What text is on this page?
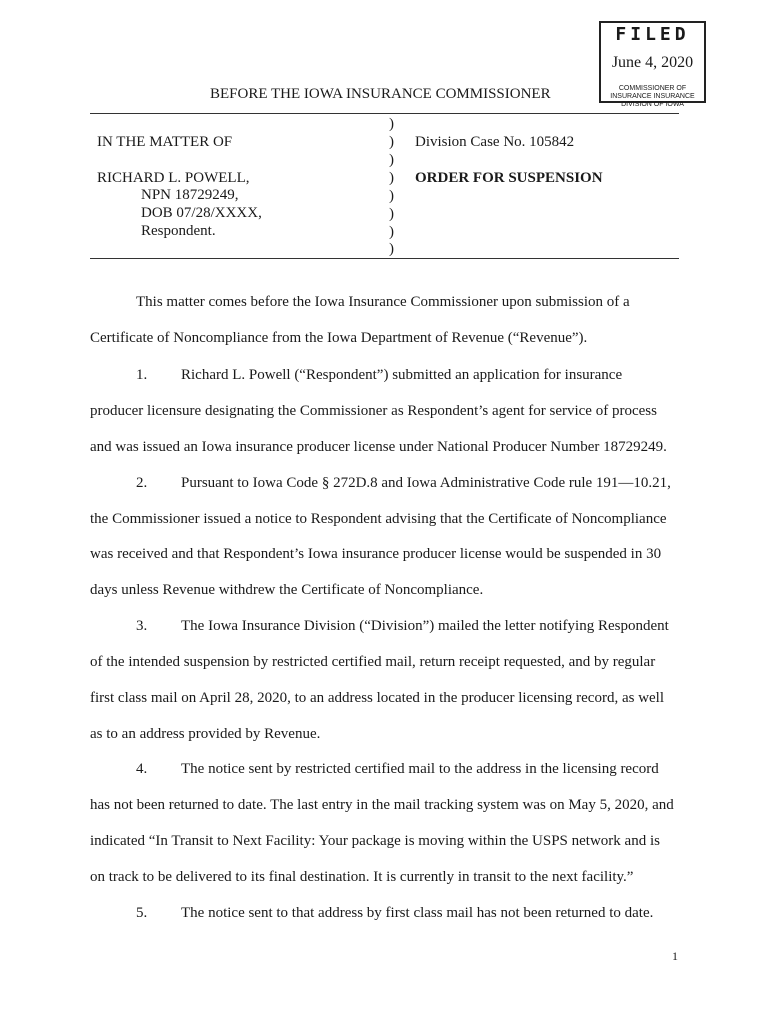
FILED
June 4, 2020
COMMISSIONER OF INSURANCE INSURANCE DIVISION OF IOWA
BEFORE THE IOWA INSURANCE COMMISSIONER
IN THE MATTER OF
RICHARD L. POWELL,
NPN 18729249,
DOB 07/28/XXXX,
Respondent.
)
)
)
)
)
)
)
)
Division Case No. 105842
ORDER FOR SUSPENSION
This matter comes before the Iowa Insurance Commissioner upon submission of a
Certificate of Noncompliance from the Iowa Department of Revenue (“Revenue”).
1. Richard L. Powell (“Respondent”) submitted an application for insurance
producer licensure designating the Commissioner as Respondent’s agent for service of process
and was issued an Iowa insurance producer license under National Producer Number 18729249.
2. Pursuant to Iowa Code § 272D.8 and Iowa Administrative Code rule 191—10.21,
the Commissioner issued a notice to Respondent advising that the Certificate of Noncompliance
was received and that Respondent’s Iowa insurance producer license would be suspended in 30
days unless Revenue withdrew the Certificate of Noncompliance.
3. The Iowa Insurance Division (“Division”) mailed the letter notifying Respondent
of the intended suspension by restricted certified mail, return receipt requested, and by regular
first class mail on April 28, 2020, to an address located in the producer licensing record, as well
as to an address provided by Revenue.
4. The notice sent by restricted certified mail to the address in the licensing record
has not been returned to date. The last entry in the mail tracking system was on May 5, 2020, and
indicated “In Transit to Next Facility: Your package is moving within the USPS network and is
on track to be delivered to its final destination. It is currently in transit to the next facility.”
5. The notice sent to that address by first class mail has not been returned to date.
1
